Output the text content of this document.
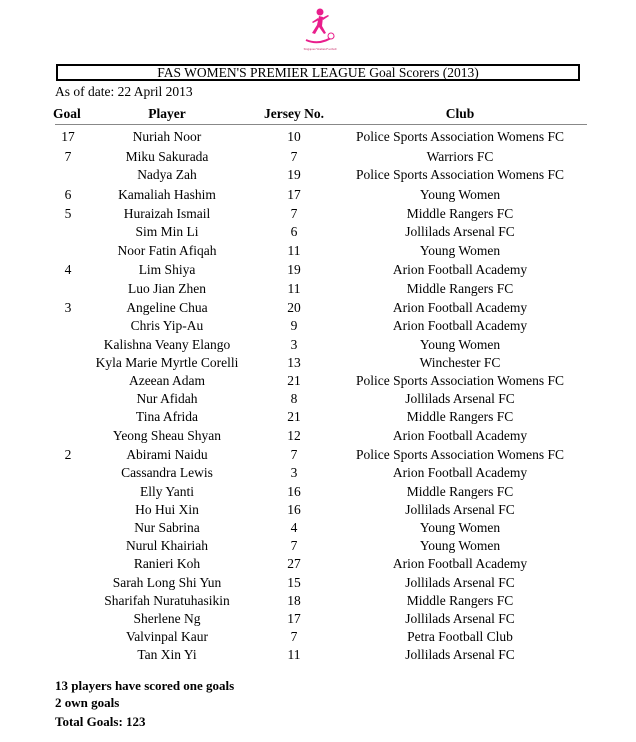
Singapore Women Football
FAS WOMEN'S PREMIER LEAGUE Goal Scorers (2013)
As of date: 22 April 2013
Goal	Player	Jersey No.	Club
17	Nuriah Noor	10	Police Sports Association Womens FC
7	Miku Sakurada	7	Warriors FC
Nadya Zah	19	Police Sports Association Womens FC
6	Kamaliah Hashim	17	Young Women
5	Huraizah Ismail	7	Middle Rangers FC
Sim Min Li	6	Jollilads Arsenal FC
Noor Fatin Afiqah	11	Young Women
4	Lim Shiya	19	Arion Football Academy
Luo Jian Zhen	11	Middle Rangers FC
3	Angeline Chua	20	Arion Football Academy
Chris Yip-Au	9	Arion Football Academy
Kalishna Veany Elango	3	Young Women
Kyla Marie Myrtle Corelli	13	Winchester FC
Azeean Adam	21	Police Sports Association Womens FC
Nur Afidah	8	Jollilads Arsenal FC
Tina Afrida	21	Middle Rangers FC
Yeong Sheau Shyan	12	Arion Football Academy
2	Abirami Naidu	7	Police Sports Association Womens FC
Cassandra Lewis	3	Arion Football Academy
Elly Yanti	16	Middle Rangers FC
Ho Hui Xin	16	Jollilads Arsenal FC
Nur Sabrina	4	Young Women
Nurul Khairiah	7	Young Women
Ranieri Koh	27	Arion Football Academy
Sarah Long Shi Yun	15	Jollilads Arsenal FC
Sharifah Nuratuhasikin	18	Middle Rangers FC
Sherlene Ng	17	Jollilads Arsenal FC
Valvinpal Kaur	7	Petra Football Club
Tan Xin Yi	11	Jollilads Arsenal FC
13 players have scored one goals
2 own goals
Total Goals: 123
